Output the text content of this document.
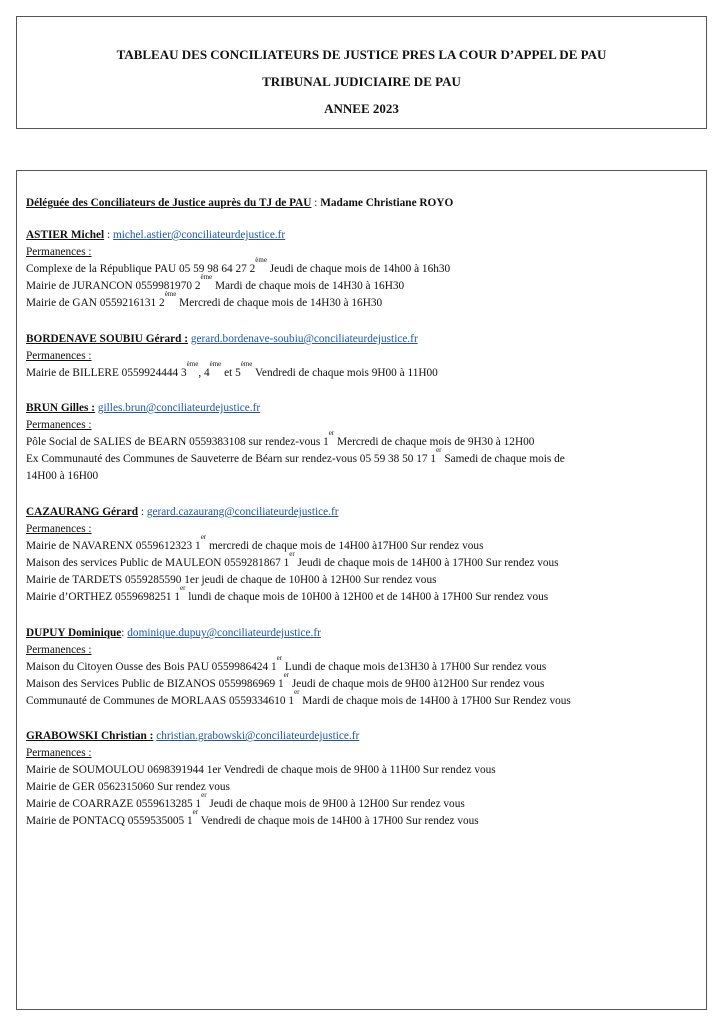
TABLEAU DES CONCILIATEURS DE JUSTICE PRES LA COUR D’APPEL DE PAU
TRIBUNAL JUDICIAIRE DE PAU
ANNEE 2023
Déléguée des Conciliateurs de Justice auprès du TJ de PAU : Madame Christiane ROYO
ASTIER Michel : michel.astier@conciliateurdejustice.fr
Permanences :
Complexe de la République PAU 05 59 98 64 27 2ème Jeudi de chaque mois de 14h00 à 16h30
Mairie de JURANCON 0559981970 2ème Mardi de chaque mois de 14H30 à 16H30
Mairie de GAN 0559216131 2ème Mercredi de chaque mois de 14H30 à 16H30
BORDENAVE SOUBIU Gérard : gerard.bordenave-soubiu@conciliateurdejustice.fr
Permanences :
Mairie de BILLERE 0559924444 3ème, 4ème et 5ème Vendredi de chaque mois 9H00 à 11H00
BRUN Gilles : gilles.brun@conciliateurdejustice.fr
Permanences :
Pôle Social de SALIES de BEARN 0559383108 sur rendez-vous 1er Mercredi de chaque mois de 9H30 à 12H00
Ex Communauté des Communes de Sauveterre de Béarn sur rendez-vous 05 59 38 50 17 1er Samedi de chaque mois de
14H00 à 16H00
CAZAURANG Gérard : gerard.cazaurang@conciliateurdejustice.fr
Permanences :
Mairie de NAVARENX 0559612323 1er mercredi de chaque mois de 14H00 à17H00 Sur rendez vous
Maison des services Public de MAULEON 0559281867 1er Jeudi de chaque mois de 14H00 à 17H00 Sur rendez vous
Mairie de TARDETS 0559285590 1er jeudi de chaque de 10H00 à 12H00 Sur rendez vous
Mairie d’ORTHEZ 0559698251 1er lundi de chaque mois de 10H00 à 12H00 et de 14H00 à 17H00 Sur rendez vous
DUPUY Dominique: dominique.dupuy@conciliateurdejustice.fr
Permanences :
Maison du Citoyen Ousse des Bois PAU 0559986424 1er Lundi de chaque mois de13H30 à 17H00 Sur rendez vous
Maison des Services Public de BIZANOS 0559986969 1er Jeudi de chaque mois de 9H00 à12H00 Sur rendez vous
Communauté de Communes de MORLAAS 0559334610 1er Mardi de chaque mois de 14H00 à 17H00 Sur Rendez vous
GRABOWSKI Christian : christian.grabowski@conciliateurdejustice.fr
Permanences :
Mairie de SOUMOULOU 0698391944 1er Vendredi de chaque mois de 9H00 à 11H00 Sur rendez vous
Mairie de GER 0562315060 Sur rendez vous
Mairie de COARRAZE 0559613285 1er Jeudi de chaque mois de 9H00 à 12H00 Sur rendez vous
Mairie de PONTACQ 0559535005 1er Vendredi de chaque mois de 14H00 à 17H00 Sur rendez vous
